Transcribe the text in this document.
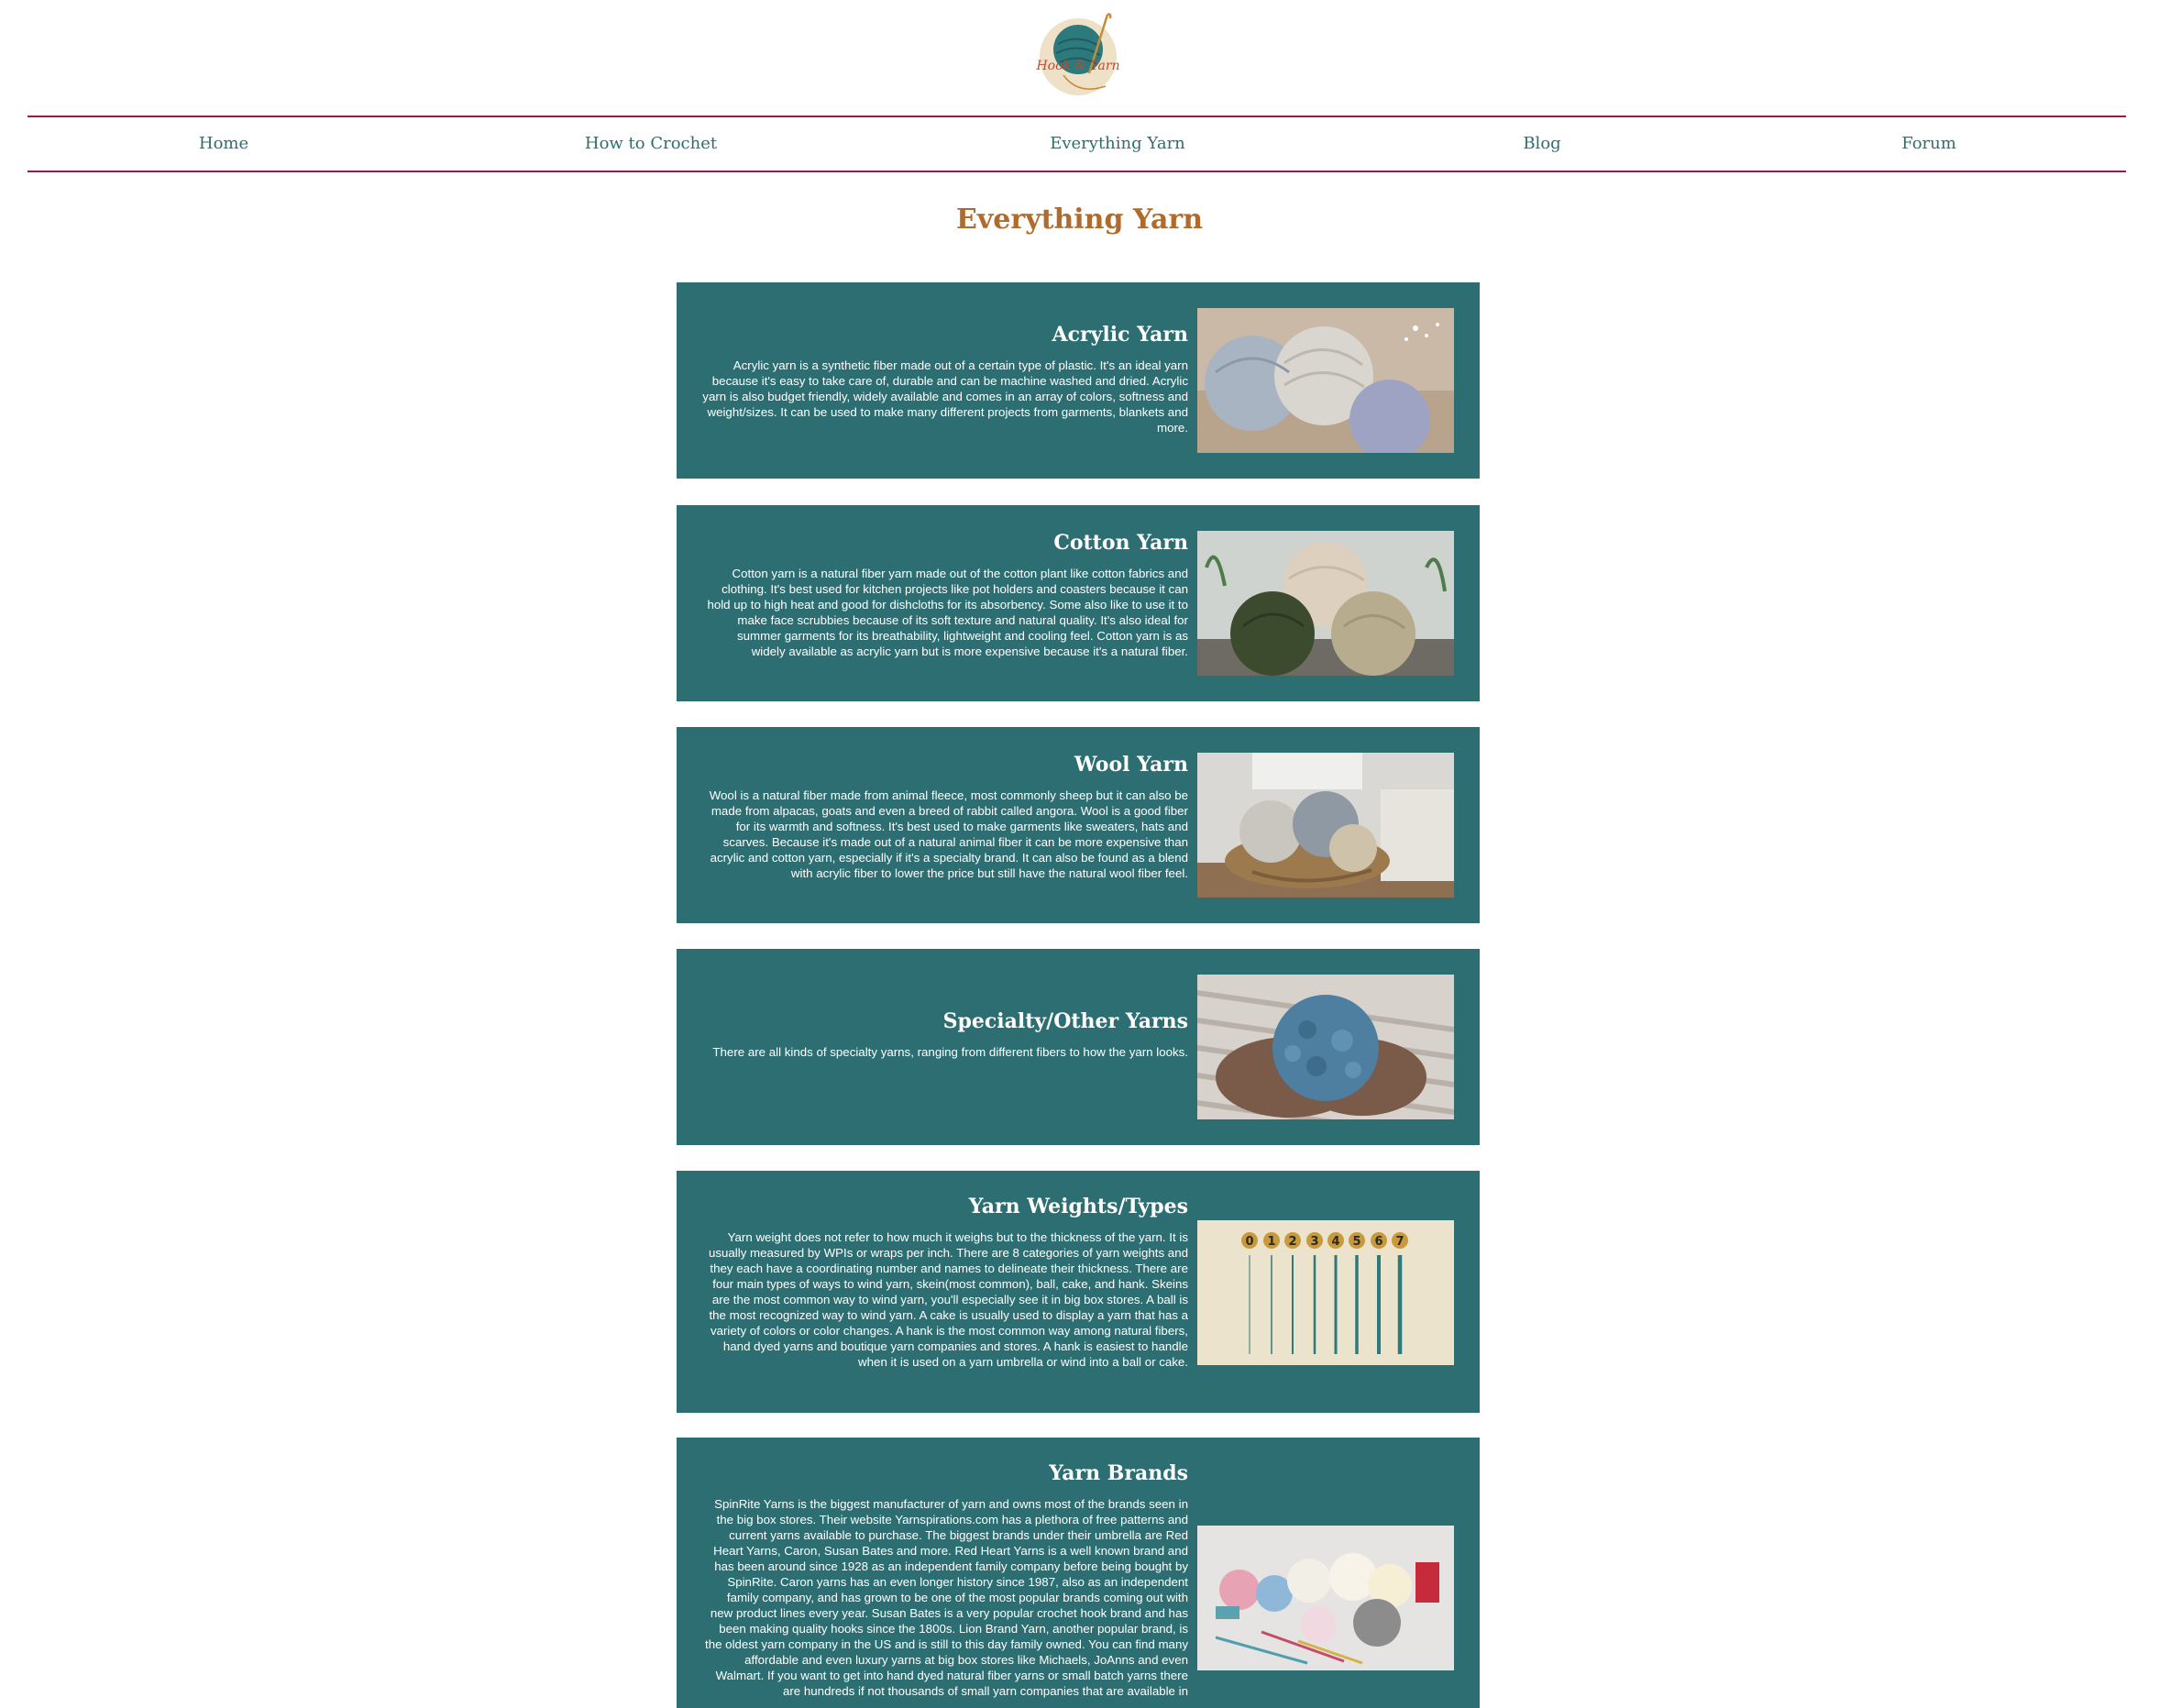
Hook & Yarn
Home	How to Crochet	Everything Yarn	Blog	Forum
Everything Yarn
Acrylic Yarn

Acrylic yarn is a synthetic fiber made out of a certain type of plastic. It's an ideal yarn because it's easy to take care of, durable and can be machine washed and dried. Acrylic yarn is also budget friendly, widely available and comes in an array of colors, softness and weight/sizes. It can be used to make many different projects from garments, blankets and more.

Cotton Yarn

Cotton yarn is a natural fiber yarn made out of the cotton plant like cotton fabrics and clothing. It's best used for kitchen projects like pot holders and coasters because it can hold up to high heat and good for dishcloths for its absorbency. Some also like to use it to make face scrubbies because of its soft texture and natural quality. It's also ideal for summer garments for its breathability, lightweight and cooling feel. Cotton yarn is as widely available as acrylic yarn but is more expensive because it's a natural fiber.

Wool Yarn

Wool is a natural fiber made from animal fleece, most commonly sheep but it can also be made from alpacas, goats and even a breed of rabbit called angora. Wool is a good fiber for its warmth and softness. It's best used to make garments like sweaters, hats and scarves. Because it's made out of a natural animal fiber it can be more expensive than acrylic and cotton yarn, especially if it's a specialty brand. It can also be found as a blend with acrylic fiber to lower the price but still have the natural wool fiber feel.

Specialty/Other Yarns

There are all kinds of specialty yarns, ranging from different fibers to how the yarn looks.

Yarn Weights/Types

Yarn weight does not refer to how much it weighs but to the thickness of the yarn. It is usually measured by WPIs or wraps per inch. There are 8 categories of yarn weights and they each have a coordinating number and names to delineate their thickness. There are four main types of ways to wind yarn, skein(most common), ball, cake, and hank. Skeins are the most common way to wind yarn, you'll especially see it in big box stores. A ball is the most recognized way to wind yarn. A cake is usually used to display a yarn that has a variety of colors or color changes. A hank is the most common way among natural fibers, hand dyed yarns and boutique yarn companies and stores. A hank is easiest to handle when it is used on a yarn umbrella or wind into a ball or cake.

0 1 2 3 4 5 6 7
Yarn Brands

SpinRite Yarns is the biggest manufacturer of yarn and owns most of the brands seen in the big box stores. Their website Yarnspirations.com has a plethora of free patterns and current yarns available to purchase. The biggest brands under their umbrella are Red Heart Yarns, Caron, Susan Bates and more. Red Heart Yarns is a well known brand and has been around since 1928 as an independent family company before being bought by SpinRite. Caron yarns has an even longer history since 1987, also as an independent family company, and has grown to be one of the most popular brands coming out with new product lines every year. Susan Bates is a very popular crochet hook brand and has been making quality hooks since the 1800s. Lion Brand Yarn, another popular brand, is the oldest yarn company in the US and is still to this day family owned. You can find many affordable and even luxury yarns at big box stores like Michaels, JoAnns and even Walmart. If you want to get into hand dyed natural fiber yarns or small batch yarns there are hundreds if not thousands of small yarn companies that are available in
